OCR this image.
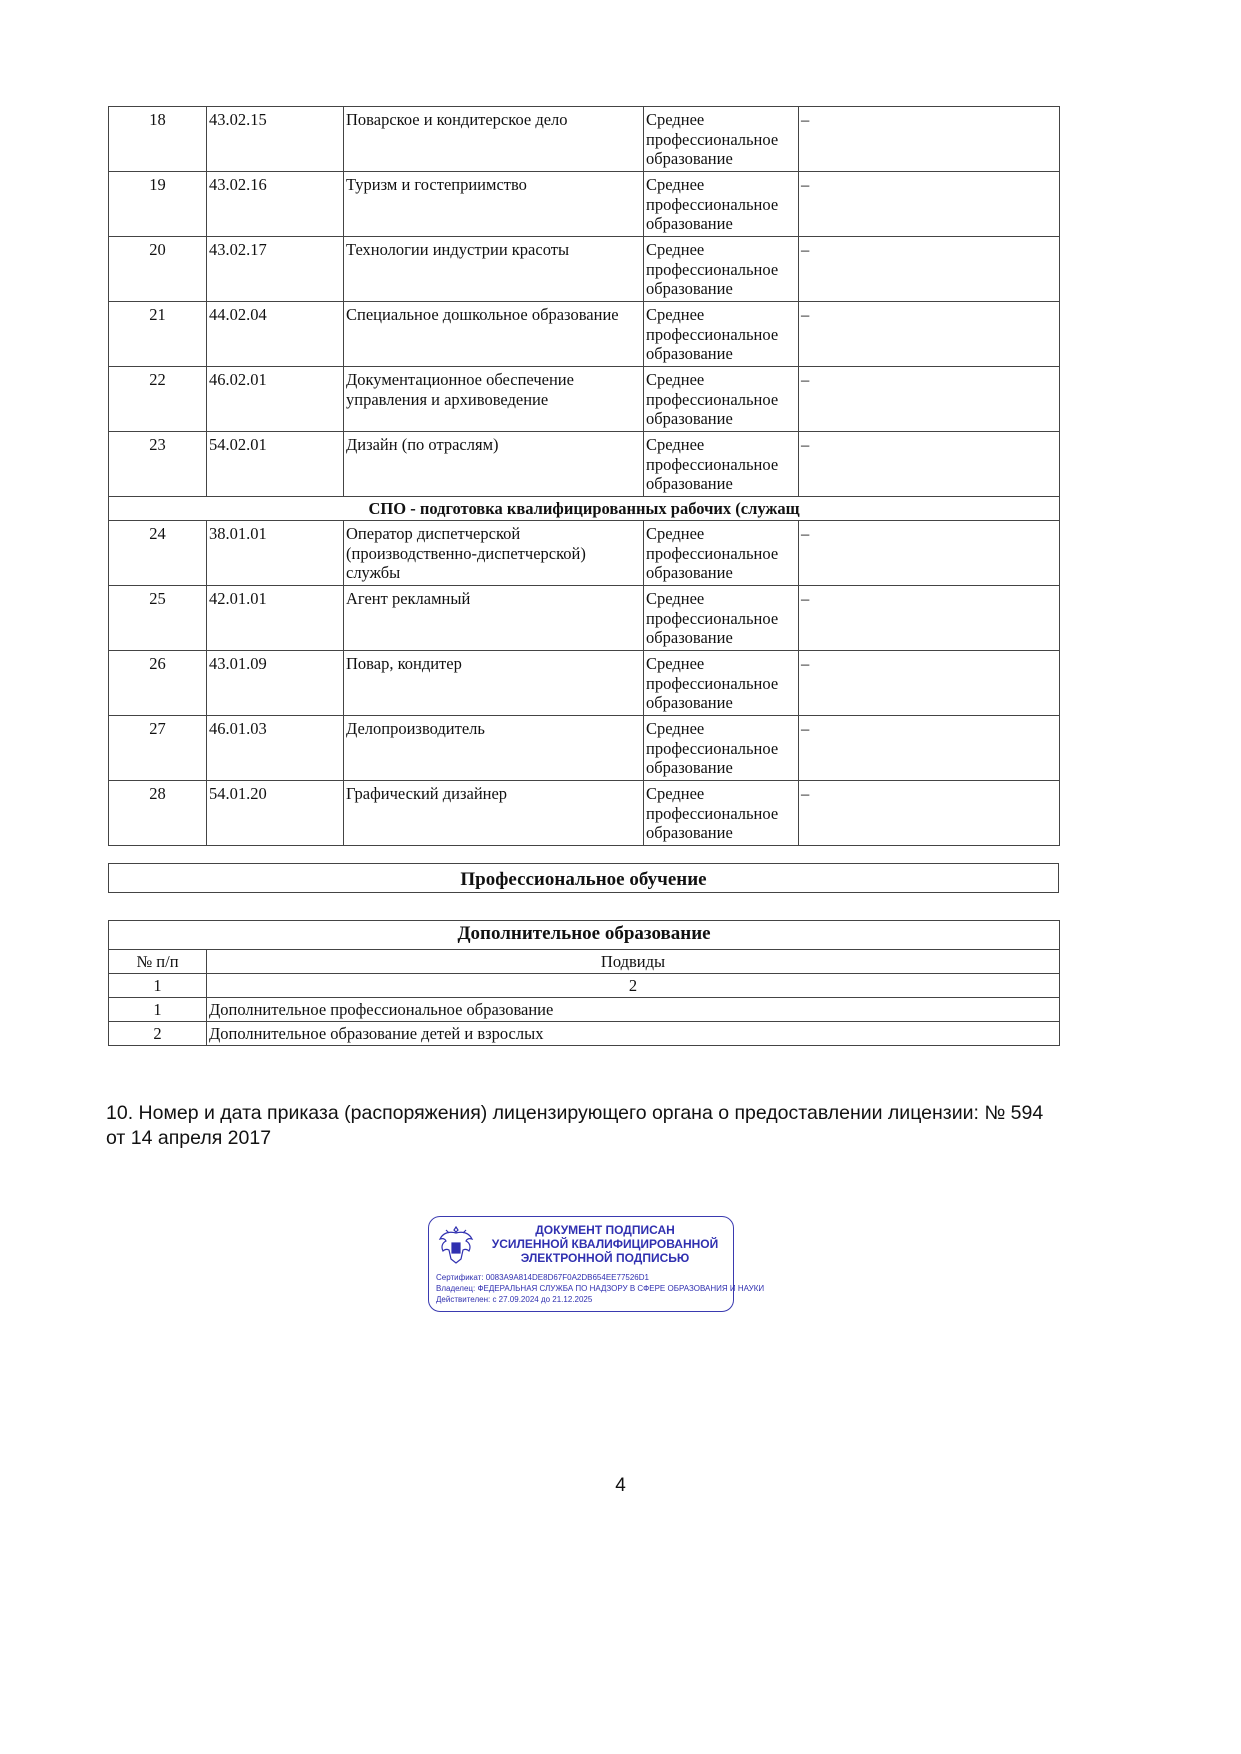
18	43.02.15	Поварское и кондитерское дело	Среднее профессиональное образование	–
19	43.02.16	Туризм и гостеприимство	Среднее профессиональное образование	–
20	43.02.17	Технологии индустрии красоты	Среднее профессиональное образование	–
21	44.02.04	Специальное дошкольное образование	Среднее профессиональное образование	–
22	46.02.01	Документационное обеспечение управления и архивоведение	Среднее профессиональное образование	–
23	54.02.01	Дизайн (по отраслям)	Среднее профессиональное образование	–
СПО - подготовка квалифицированных рабочих (служащ				
24	38.01.01	Оператор диспетчерской (производственно-диспетчерской) службы	Среднее профессиональное образование	–
25	42.01.01	Агент рекламный	Среднее профессиональное образование	–
26	43.01.09	Повар, кондитер	Среднее профессиональное образование	–
27	46.01.03	Делопроизводитель	Среднее профессиональное образование	–
28	54.01.20	Графический дизайнер	Среднее профессиональное образование	–
Профессиональное обучение
Дополнительное образование	
№ п/п	Подвиды
1	2
1	Дополнительное профессиональное образование
2	Дополнительное образование детей и взрослых
10. Номер и дата приказа (распоряжения) лицензирующего органа о предоставлении лицензии: № 594 от 14 апреля 2017
ДОКУМЕНТ ПОДПИСАН
УСИЛЕННОЙ КВАЛИФИЦИРОВАННОЙ
ЭЛЕКТРОННОЙ ПОДПИСЬЮ
Сертификат: 0083A9A814DE8D67F0A2DB654EE77526D1
Владелец: ФЕДЕРАЛЬНАЯ СЛУЖБА ПО НАДЗОРУ В СФЕРЕ ОБРАЗОВАНИЯ И НАУКИ
Действителен: с 27.09.2024 до 21.12.2025
4
